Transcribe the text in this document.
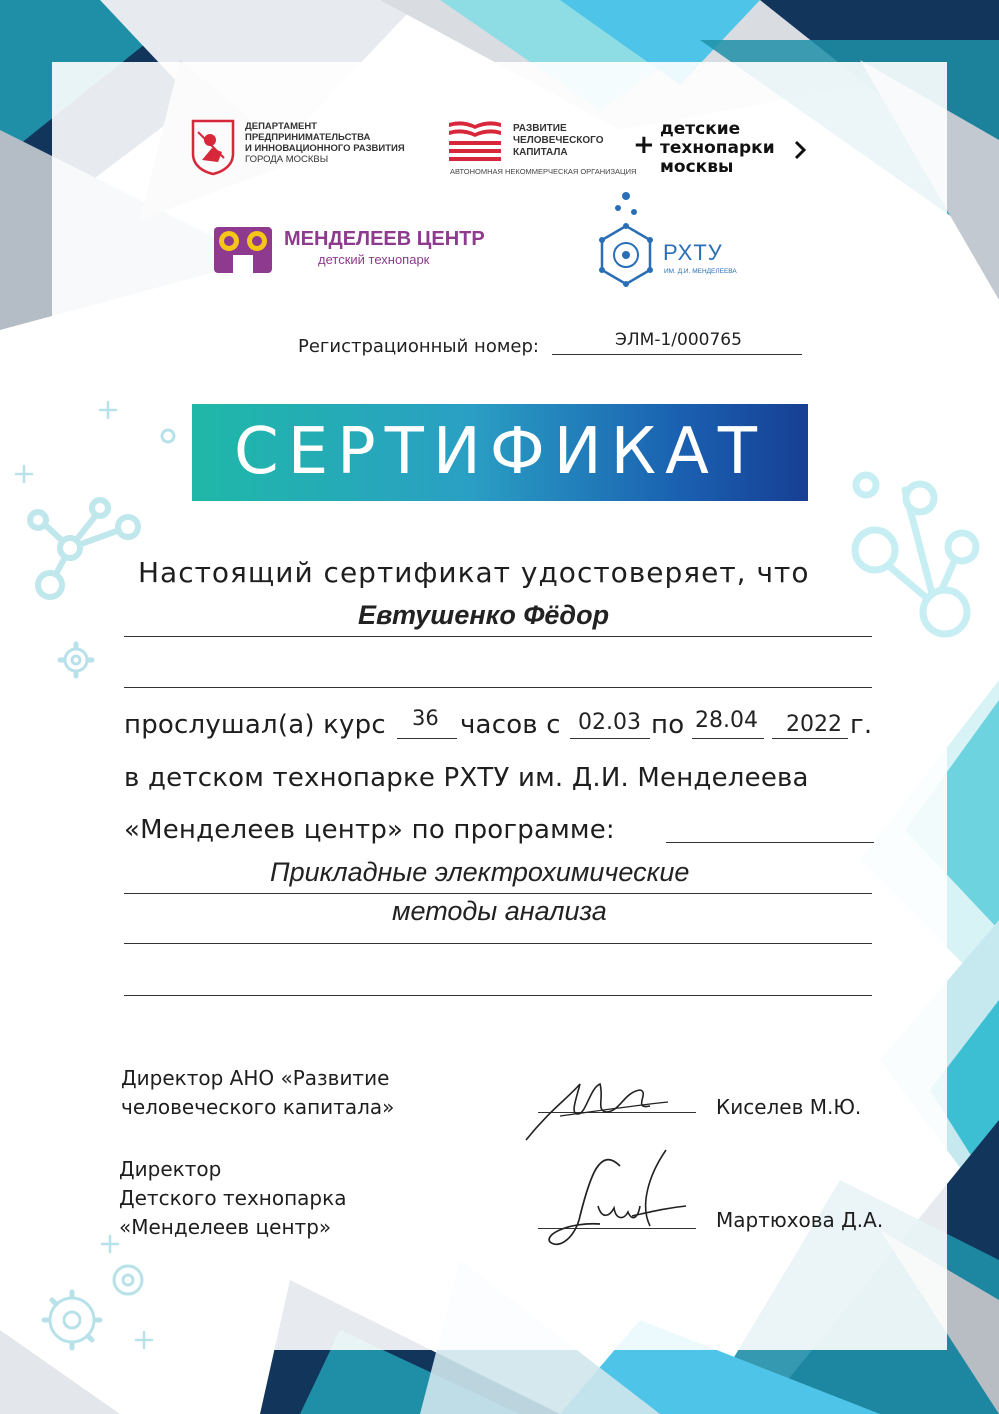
ДЕПАРТАМЕНТ
ПРЕДПРИНИМАТЕЛЬСТВА
И ИННОВАЦИОННОГО РАЗВИТИЯ
ГОРОДА МОСКВЫ
РАЗВИТИЕ
ЧЕЛОВЕЧЕСКОГО
КАПИТАЛА
АВТОНОМНАЯ НЕКОММЕРЧЕСКАЯ ОРГАНИЗАЦИЯ
+
детские
технопарки
москвы
МЕНДЕЛЕЕВ ЦЕНТР
детский технопарк	РХТУ
ИМ. Д.И. МЕНДЕЛЕЕВА
Регистрационный номер:	ЭЛМ-1/000765
СЕРТИФИКАТ
Настоящий сертификат удостоверяет, что
Евтушенко Фёдор
прослушал(а) курс 36 часов с 02.03 по 28.04 2022 г.
в детском технопарке РХТУ им. Д.И. Менделеева
«Менделеев центр» по программе:
Прикладные электрохимические
методы анализа
Директор АНО «Развитие
человеческого капитала»	Киселев М.Ю.
Директор
Детского технопарка
«Менделеев центр»	Мартюхова Д.А.
